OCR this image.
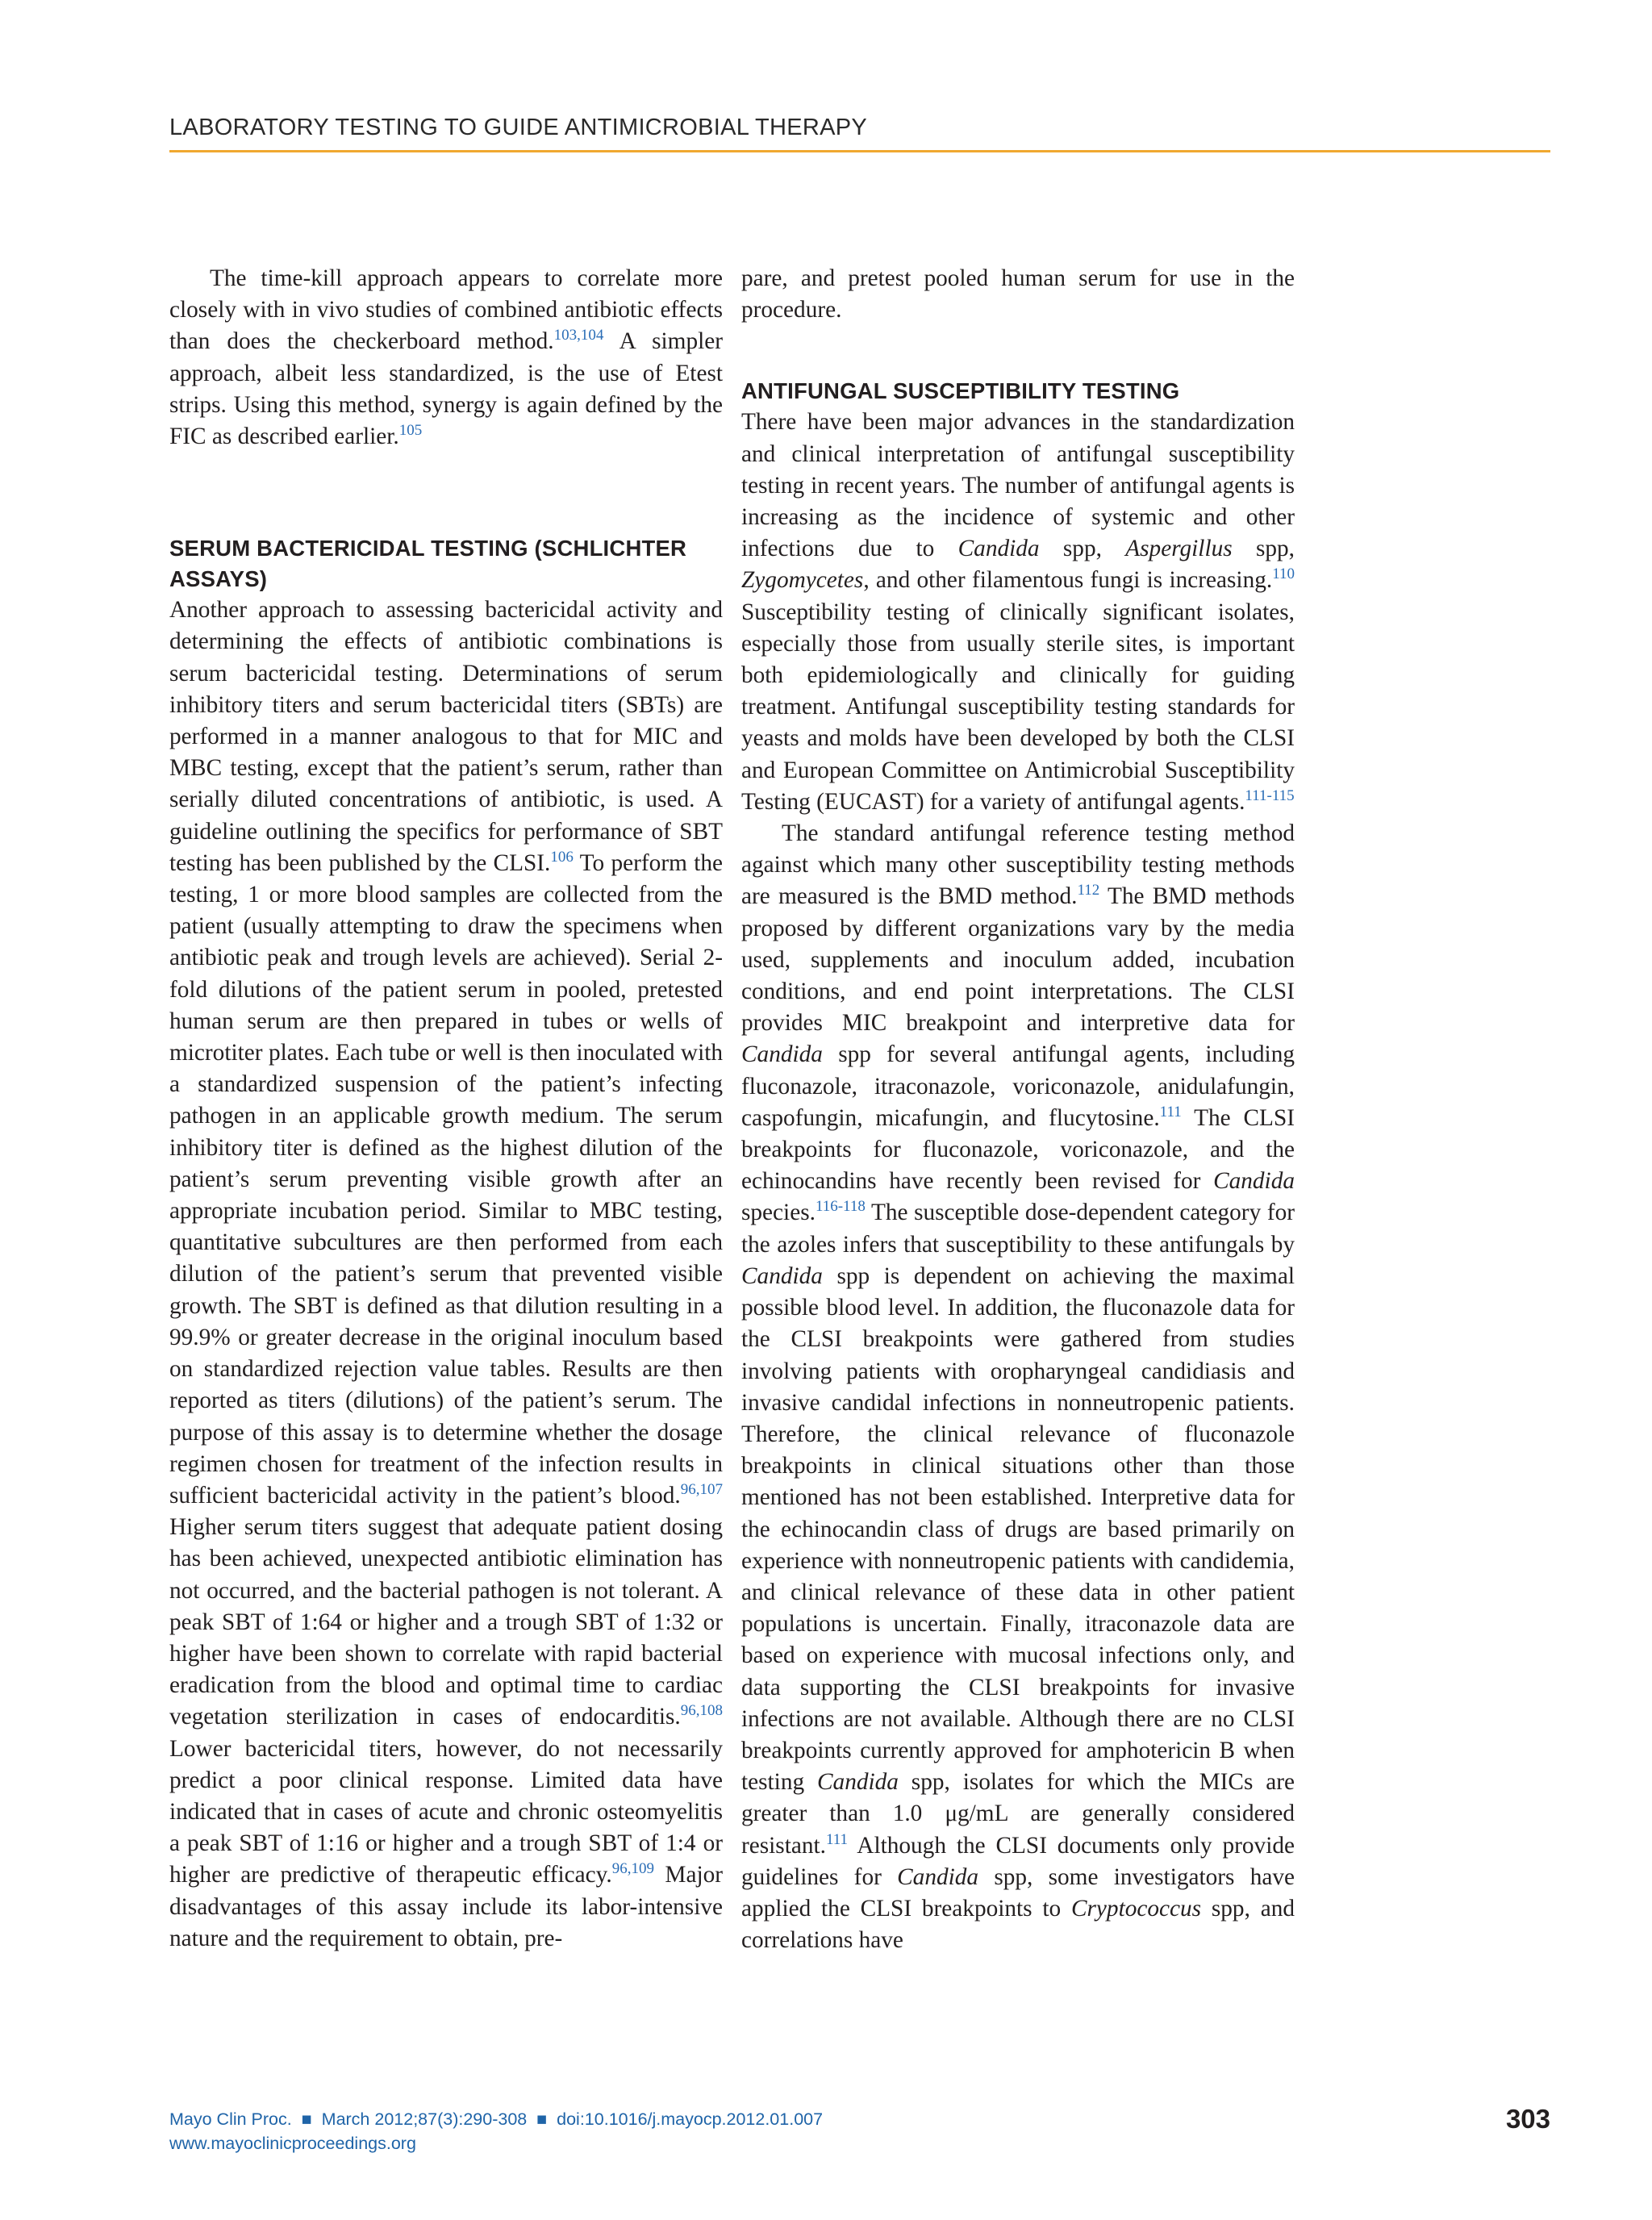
LABORATORY TESTING TO GUIDE ANTIMICROBIAL THERAPY

The time-kill approach appears to correlate more closely with in vivo studies of combined antibiotic effects than does the checkerboard method.$^{103,104}$ A simpler approach, albeit less standardized, is the use of Etest strips. Using this method, synergy is again defined by the FIC as described earlier.$^{105}$

SERUM BACTERICIDAL TESTING (SCHLICHTER ASSAYS)

Another approach to assessing bactericidal activity and determining the effects of antibiotic combinations is serum bactericidal testing. Determinations of serum inhibitory titers and serum bactericidal titers (SBTs) are performed in a manner analogous to that for MIC and MBC testing, except that the patient’s serum, rather than serially diluted concentrations of antibiotic, is used. A guideline outlining the specifics for performance of SBT testing has been published by the CLSI.$^{106}$ To perform the testing, 1 or more blood samples are collected from the patient (usually attempting to draw the specimens when antibiotic peak and trough levels are achieved). Serial 2-fold dilutions of the patient serum in pooled, pretested human serum are then prepared in tubes or wells of microtiter plates. Each tube or well is then inoculated with a standardized suspension of the patient’s infecting pathogen in an applicable growth medium. The serum inhibitory titer is defined as the highest dilution of the patient’s serum preventing visible growth after an appropriate incubation period. Similar to MBC testing, quantitative subcultures are then performed from each dilution of the patient’s serum that prevented visible growth. The SBT is defined as that dilution resulting in a 99.9% or greater decrease in the original inoculum based on standardized rejection value tables. Results are then reported as titers (dilutions) of the patient’s serum. The purpose of this assay is to determine whether the dosage regimen chosen for treatment of the infection results in sufficient bactericidal activity in the patient’s blood.$^{96,107}$ Higher serum titers suggest that adequate patient dosing has been achieved, unexpected antibiotic elimination has not occurred, and the bacterial pathogen is not tolerant. A peak SBT of 1:64 or higher and a trough SBT of 1:32 or higher have been shown to correlate with rapid bacterial eradication from the blood and optimal time to cardiac vegetation sterilization in cases of endocarditis.$^{96,108}$ Lower bactericidal titers, however, do not necessarily predict a poor clinical response. Limited data have indicated that in cases of acute and chronic osteomyelitis a peak SBT of 1:16 or higher and a trough SBT of 1:4 or higher are predictive of therapeutic efficacy.$^{96,109}$ Major disadvantages of this assay include its labor-intensive nature and the requirement to obtain, pre-

pare, and pretest pooled human serum for use in the procedure.

ANTIFUNGAL SUSCEPTIBILITY TESTING

There have been major advances in the standardization and clinical interpretation of antifungal susceptibility testing in recent years. The number of antifungal agents is increasing as the incidence of systemic and other infections due to Candida spp, Aspergillus spp, Zygomycetes, and other filamentous fungi is increasing.$^{110}$ Susceptibility testing of clinically significant isolates, especially those from usually sterile sites, is important both epidemiologically and clinically for guiding treatment. Antifungal susceptibility testing standards for yeasts and molds have been developed by both the CLSI and European Committee on Antimicrobial Susceptibility Testing (EUCAST) for a variety of antifungal agents.$^{111-115}$

The standard antifungal reference testing method against which many other susceptibility testing methods are measured is the BMD method.$^{112}$ The BMD methods proposed by different organizations vary by the media used, supplements and inoculum added, incubation conditions, and end point interpretations. The CLSI provides MIC breakpoint and interpretive data for Candida spp for several antifungal agents, including fluconazole, itraconazole, voriconazole, anidulafungin, caspofungin, micafungin, and flucytosine.$^{111}$ The CLSI breakpoints for fluconazole, voriconazole, and the echinocandins have recently been revised for Candida species.$^{116-118}$ The susceptible dose-dependent category for the azoles infers that susceptibility to these antifungals by Candida spp is dependent on achieving the maximal possible blood level. In addition, the fluconazole data for the CLSI breakpoints were gathered from studies involving patients with oropharyngeal candidiasis and invasive candidal infections in nonneutropenic patients. Therefore, the clinical relevance of fluconazole breakpoints in clinical situations other than those mentioned has not been established. Interpretive data for the echinocandin class of drugs are based primarily on experience with nonneutropenic patients with candidemia, and clinical relevance of these data in other patient populations is uncertain. Finally, itraconazole data are based on experience with mucosal infections only, and data supporting the CLSI breakpoints for invasive infections are not available. Although there are no CLSI breakpoints currently approved for amphotericin B when testing Candida spp, isolates for which the MICs are greater than 1.0 μg/mL are generally considered resistant.$^{111}$ Although the CLSI documents only provide guidelines for Candida spp, some investigators have applied the CLSI breakpoints to Cryptococcus spp, and correlations have

Mayo Clin Proc. ■ March 2012;87(3):290-308 ■ doi:10.1016/j.mayocp.2012.01.007
www.mayoclinicproceedings.org
303
